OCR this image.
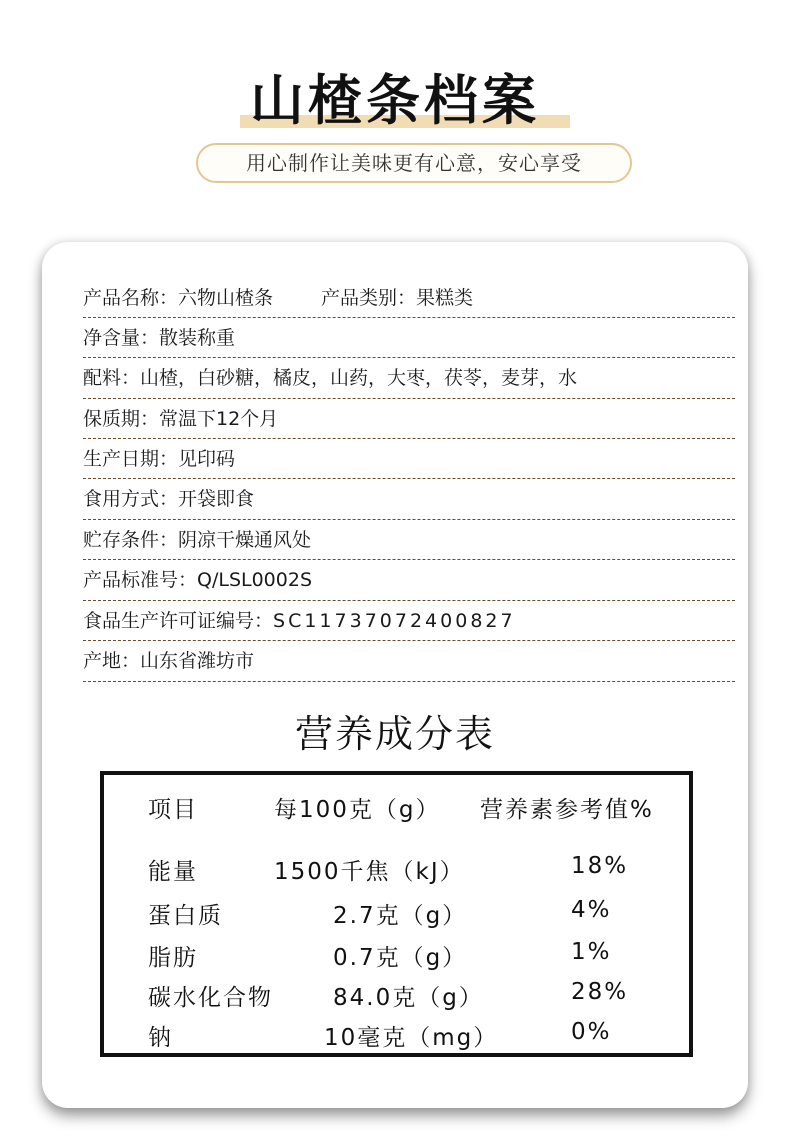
山楂条档案
用心制作让美味更有心意，安心享受
产品名称：六物山楂条	产品类别：果糕类
净含量：散装称重
配料：山楂，白砂糖，橘皮，山药，大枣，茯苓，麦芽，水
保质期：常温下12个月
生产日期：见印码
食用方式：开袋即食
贮存条件：阴凉干燥通风处
产品标准号：Q/LSL0002S
食品生产许可证编号： SC11737072400827
产地：山东省潍坊市
营养成分表
项目	每100克（g） 营养素参考值%
能量	1500千焦（kJ）	18%
蛋白质	2.7克（g）	4%
脂肪	0.7克（g）	1%
碳水化合物	84.0克（g）	28%
钠	10毫克（mg）	0%
